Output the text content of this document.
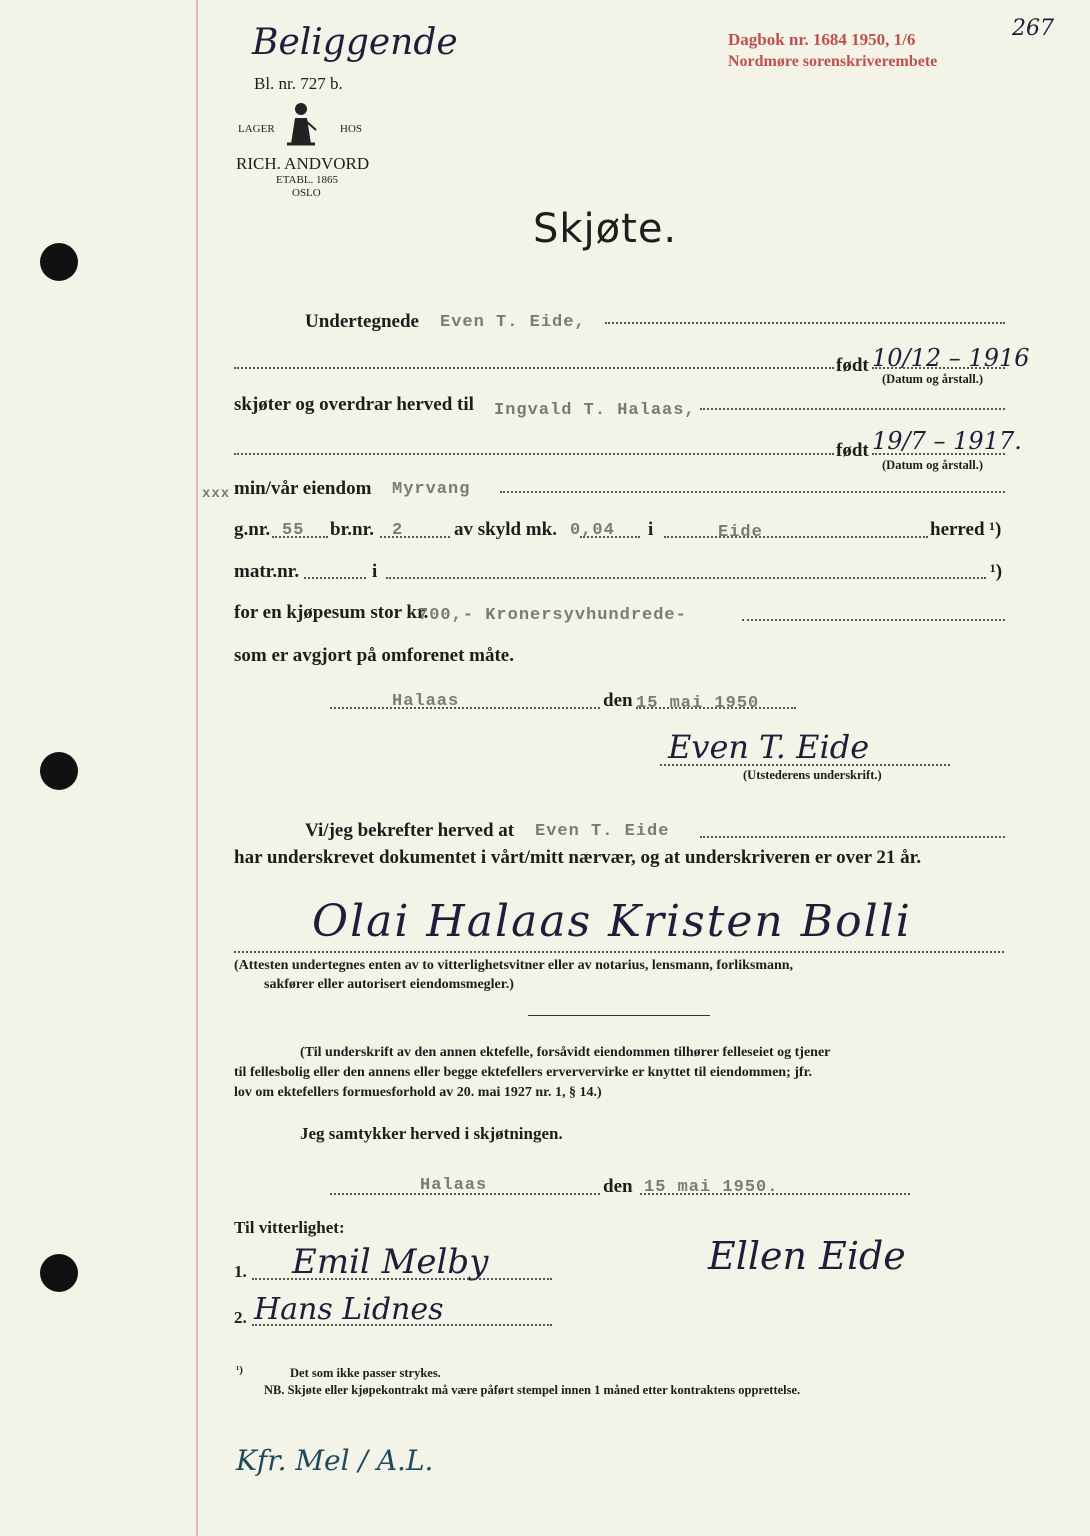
Beliggende
Bl. nr. 727 b.
Dagbok nr. 1684 1950, 1/6
Nordmøre sorenskriverembete
267
LAGER	HOS
RICH. ANDVORD
ETABL. 1865
OSLO
Skjøte.
Undertegnede Even T. Eide,
født 10/12 – 1916
(Datum og årstall.)
skjøter og overdrar herved til Ingvald T. Halaas,
født 19/7 – 1917.
(Datum og årstall.)
xxx min/vår eiendom Myrvang
g.nr. 55 br.nr. 2	av skyld mk. 0,04 i	Eide	herred ¹)
matr.nr.	i	¹)
for en kjøpesum stor kr.
700,- Kronersyvhundrede-
som er avgjort på omforenet måte.
Halaas	den 15 mai 1950
Even T. Eide
(Utstederens underskrift.)
Vi/jeg bekrefter herved at Even T. Eide
har underskrevet dokumentet i vårt/mitt nærvær, og at underskriveren er over 21 år.
Olai Halaas Kristen Bolli
(Attesten undertegnes enten av to vitterlighetsvitner eller av notarius, lensmann, forliksmann,
sakfører eller autorisert eiendomsmegler.)
(Til underskrift av den annen ektefelle, forsåvidt eiendommen tilhører felleseiet og tjener
til fellesbolig eller den annens eller begge ektefellers erververvirke er knyttet til eiendommen; jfr.
lov om ektefellers formuesforhold av 20. mai 1927 nr. 1, § 14.)
Jeg samtykker herved i skjøtningen.
Halaas	den 15 mai 1950.
Til vitterlighet:
1. Emil Melby	Ellen Eide
2. Hans Lidnes
¹)	Det som ikke passer strykes.
NB. Skjøte eller kjøpekontrakt må være påført stempel innen 1 måned etter kontraktens opprettelse.
Kfr. Mel / A.L.
